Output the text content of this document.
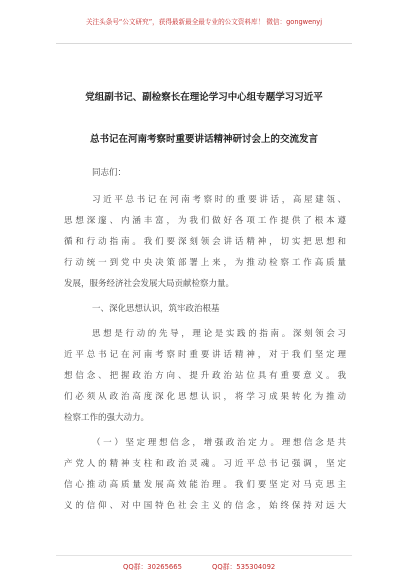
关注头条号“公文研究”，获得最新最全最专业的公文资料库！ 微信：gongwenyj
党组副书记、副检察长在理论学习中心组专题学习习近平
总书记在河南考察时重要讲话精神研讨会上的交流发言
同志们：
习近平总书记在河南考察时的重要讲话，高屋建瓴、
思想深邃、内涵丰富，为我们做好各项工作提供了根本遵
循和行动指南。我们要深刻领会讲话精神，切实把思想和
行动统一到党中央决策部署上来，为推动检察工作高质量
发展，服务经济社会发展大局贡献检察力量。
一、深化思想认识，筑牢政治根基
思想是行动的先导，理论是实践的指南。深刻领会习
近平总书记在河南考察时重要讲话精神，对于我们坚定理
想信念、把握政治方向、提升政治站位具有重要意义。我
们必须从政治高度深化思想认识，将学习成果转化为推动
检察工作的强大动力。
（一）坚定理想信念，增强政治定力。理想信念是共
产党人的精神支柱和政治灵魂。习近平总书记强调，坚定
信心推动高质量发展高效能治理。我们要坚定对马克思主
义的信仰、对中国特色社会主义的信念，始终保持对远大
QQ群：30265665	QQ群：535304092
